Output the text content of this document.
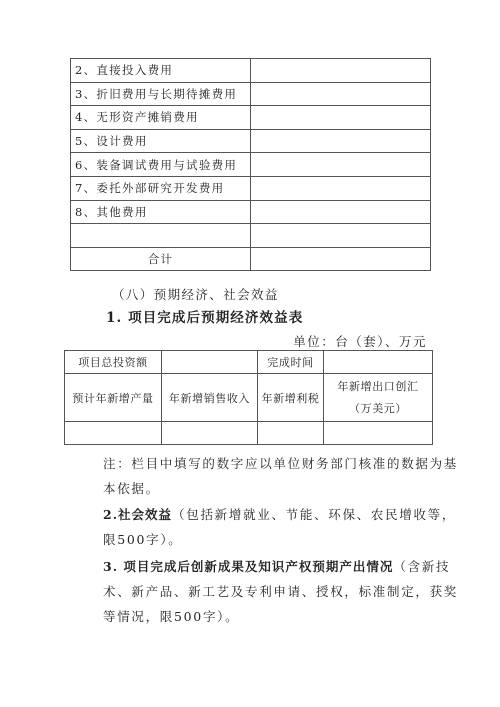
2、直接投入费用	
3、折旧费用与长期待摊费用	
4、无形资产摊销费用	
5、设计费用	
6、装备调试费用与试验费用	
7、委托外部研究开发费用	
8、其他费用	

合计	
（八）预期经济、社会效益
1. 项目完成后预期经济效益表
单位：台（套）、万元
项目总投资额		完成时间	
预计年新增产量	年新增销售收入	年新增利税	年新增出口创汇
（万美元）

注：栏目中填写的数字应以单位财务部门核准的数据为基本依据。
2.社会效益（包括新增就业、节能、环保、农民增收等，限500字）。
3. 项目完成后创新成果及知识产权预期产出情况（含新技术、新产品、新工艺及专利申请、授权，标准制定，获奖等情况，限500字）。
